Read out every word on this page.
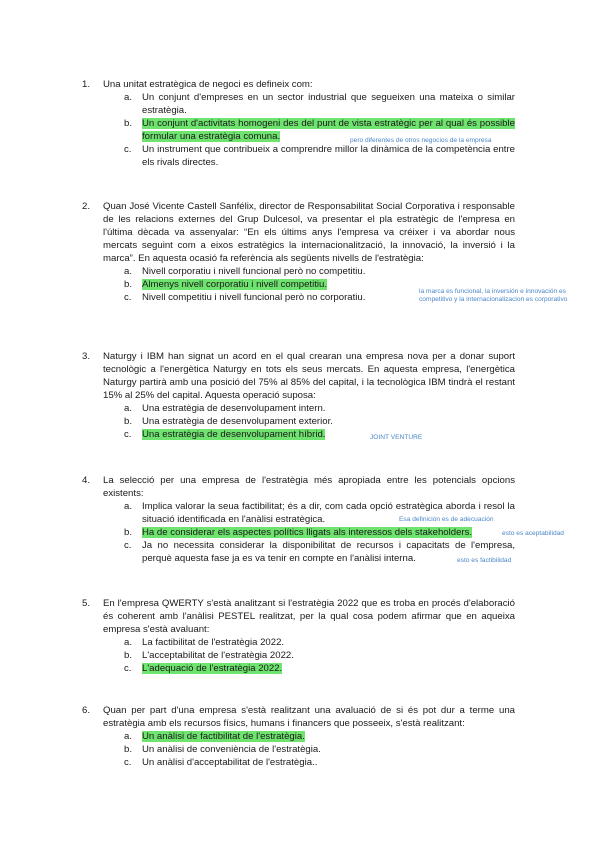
1. Una unitat estratègica de negoci es defineix com:
a. Un conjunt d'empreses en un sector industrial que segueixen una mateixa o similar estratègia.
b. Un conjunt d'activitats homogeni des del punt de vista estratègic per al qual és possible formular una estratègia comuna.
c. Un instrument que contribueix a comprendre millor la dinàmica de la competència entre els rivals directes.
pero diferentes de otros negocios de la empresa
2. Quan José Vicente Castell Sanfélix, director de Responsabilitat Social Corporativa i responsable de les relacions externes del Grup Dulcesol, va presentar el pla estratègic de l'empresa en l'última dècada va assenyalar: “En els últims anys l'empresa va créixer i va abordar nous mercats seguint com a eixos estratègics la internacionalització, la innovació, la inversió i la marca”. En aquesta ocasió fa referència als següents nivells de l'estratègia:
a. Nivell corporatiu i nivell funcional però no competitiu.
b. Almenys nivell corporatiu i nivell competitiu.
c. Nivell competitiu i nivell funcional però no corporatiu.
la marca es funcional, la inversión e innovación es competitivo y la internacionalizacion es corporativo
3. Naturgy i IBM han signat un acord en el qual crearan una empresa nova per a donar suport tecnològic a l'energètica Naturgy en tots els seus mercats. En aquesta empresa, l'energètica Naturgy partirà amb una posició del 75% al 85% del capital, i la tecnològica IBM tindrà el restant 15% al 25% del capital. Aquesta operació suposa:
a. Una estratègia de desenvolupament intern.
b. Una estratègia de desenvolupament exterior.
c. Una estratègia de desenvolupament híbrid.	JOINT VENTURE
4. La selecció per una empresa de l'estratègia més apropiada entre les potencials opcions existents:
a. Implica valorar la seua factibilitat; és a dir, com cada opció estratègica aborda i resol la situació identificada en l'anàlisi estratègica.
b. Ha de considerar els aspectes polítics lligats als interessos dels stakeholders.
c. Ja no necessita considerar la disponibilitat de recursos i capacitats de l'empresa, perquè aquesta fase ja es va tenir en compte en l'anàlisi interna.
Esa definición es de adecuación
esto es aceptabilidad
esto es factibilidad
5. En l'empresa QWERTY s'està analitzant si l'estratègia 2022 que es troba en procés d'elaboració és coherent amb l'anàlisi PESTEL realitzat, per la qual cosa podem afirmar que en aqueixa empresa s'està avaluant:
a. La factibilitat de l'estratègia 2022.
b. L'acceptabilitat de l'estratègia 2022.
c. L'adequació de l'estratègia 2022.
6. Quan per part d'una empresa s'està realitzant una avaluació de si és pot dur a terme una estratègia amb els recursos físics, humans i financers que posseeix, s'està realitzant:
a. Un anàlisi de factibilitat de l'estratègia.
b. Un anàlisi de conveniència de l'estratègia.
c. Un anàlisi d'acceptabilitat de l'estratègia..
